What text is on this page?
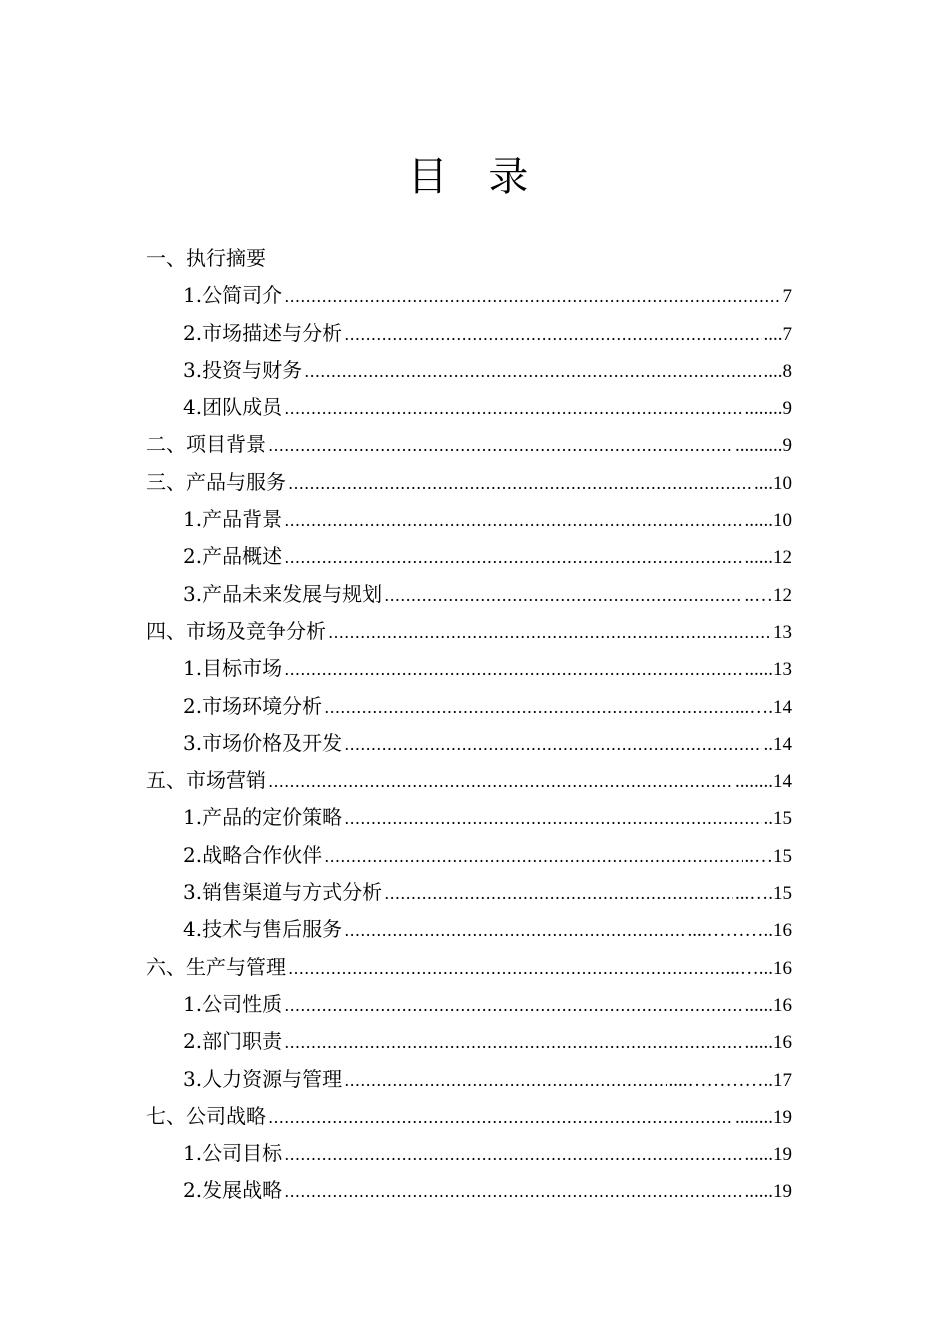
目 录
一、执行摘要
1.公简司介 ……………………………………………………………………………………………………………………………………	7
2.市场描述与分析 ……………………………………………………………………………………………………………………………………	....7
3.投资与财务 ……………………………………………………………………………………………………………………………………	....8
4.团队成员 ……………………………………………………………………………………………………………………………………	........9
二、项目背景 ……………………………………………………………………………………………………………………………………	..........9
三、产品与服务 ……………………………………………………………………………………………………………………………………	....10
1.产品背景 ……………………………………………………………………………………………………………………………………	......10
2.产品概述 ……………………………………………………………………………………………………………………………………	......12
3.产品未来发展与规划 ……………………………………………………………………………………………………………………………………	..…12
四、市场及竞争分析 ……………………………………………………………………………………………………………………………………	13
1.目标市场 ……………………………………………………………………………………………………………………………………	......13
2.市场环境分析 ……………………………………………………………………………………………………………………………………	...….14
3.市场价格及开发 ……………………………………………………………………………………………………………………………………	..14
五、市场营销 ……………………………………………………………………………………………………………………………………	........14
1.产品的定价策略 ……………………………………………………………………………………………………………………………………	..15
2.战略合作伙伴 ……………………………………………………………………………………………………………………………………	..…15
3.销售渠道与方式分析 ……………………………………………………………………………………………………………………………………	...….15
4.技术与售后服务 ……………………………………………………………………………………………………………………………………	....………..16
六、生产与管理 ……………………………………………………………………………………………………………………………………	...…...16
1.公司性质 ……………………………………………………………………………………………………………………………………	......16
2.部门职责 ……………………………………………………………………………………………………………………………………	......16
3.人力资源与管理 ……………………………………………………………………………………………………………………………………	....…………..17
七、公司战略 ……………………………………………………………………………………………………………………………………	........19
1.公司目标 ……………………………………………………………………………………………………………………………………	......19
2.发展战略 ……………………………………………………………………………………………………………………………………	......19
